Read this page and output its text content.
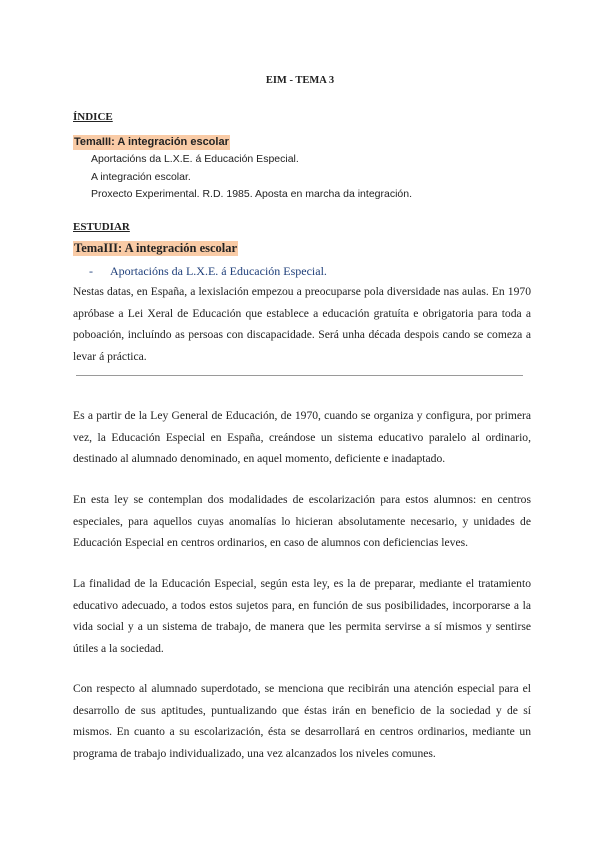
EIM - TEMA 3
ÍNDICE
TemaIII: A integración escolar
Aportacións da L.X.E. á Educación Especial.
A integración escolar.
Proxecto Experimental. R.D. 1985. Aposta en marcha da integración.
ESTUDIAR
TemaIII: A integración escolar
- Aportacións da L.X.E. á Educación Especial.

Nestas datas, en España, a lexislación empezou a preocuparse pola diversidade nas aulas. En 1970 apróbase a Lei Xeral de Educación que establece a educación gratuíta e obrigatoria para toda a poboación, incluíndo as persoas con discapacidade. Será unha década despois cando se comeza a levar á práctica.

Es a partir de la Ley General de Educación, de 1970, cuando se organiza y configura, por primera vez, la Educación Especial en España, creándose un sistema educativo paralelo al ordinario, destinado al alumnado denominado, en aquel momento, deficiente e inadaptado.

En esta ley se contemplan dos modalidades de escolarización para estos alumnos: en centros especiales, para aquellos cuyas anomalías lo hicieran absolutamente necesario, y unidades de Educación Especial en centros ordinarios, en caso de alumnos con deficiencias leves.

La finalidad de la Educación Especial, según esta ley, es la de preparar, mediante el tratamiento educativo adecuado, a todos estos sujetos para, en función de sus posibilidades, incorporarse a la vida social y a un sistema de trabajo, de manera que les permita servirse a sí mismos y sentirse útiles a la sociedad.

Con respecto al alumnado superdotado, se menciona que recibirán una atención especial para el desarrollo de sus aptitudes, puntualizando que éstas irán en beneficio de la sociedad y de sí mismos. En cuanto a su escolarización, ésta se desarrollará en centros ordinarios, mediante un programa de trabajo individualizado, una vez alcanzados los niveles comunes.
